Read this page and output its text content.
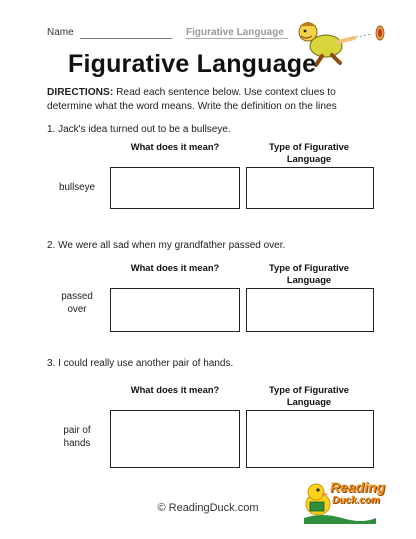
Name	Figurative Language
Figurative Language
DIRECTIONS: Read each sentence below. Use context clues to determine what the word means. Write the definition on the lines
1. Jack's idea turned out to be a bullseye.
What does it mean?	Type of Figurative
Language
bullseye
2. We were all sad when my grandfather passed over.
What does it mean?	Type of Figurative
Language
passed
over
3. I could really use another pair of hands.
What does it mean?	Type of Figurative
Language
pair of
hands
© ReadingDuck.com
Reading
Duck.com
